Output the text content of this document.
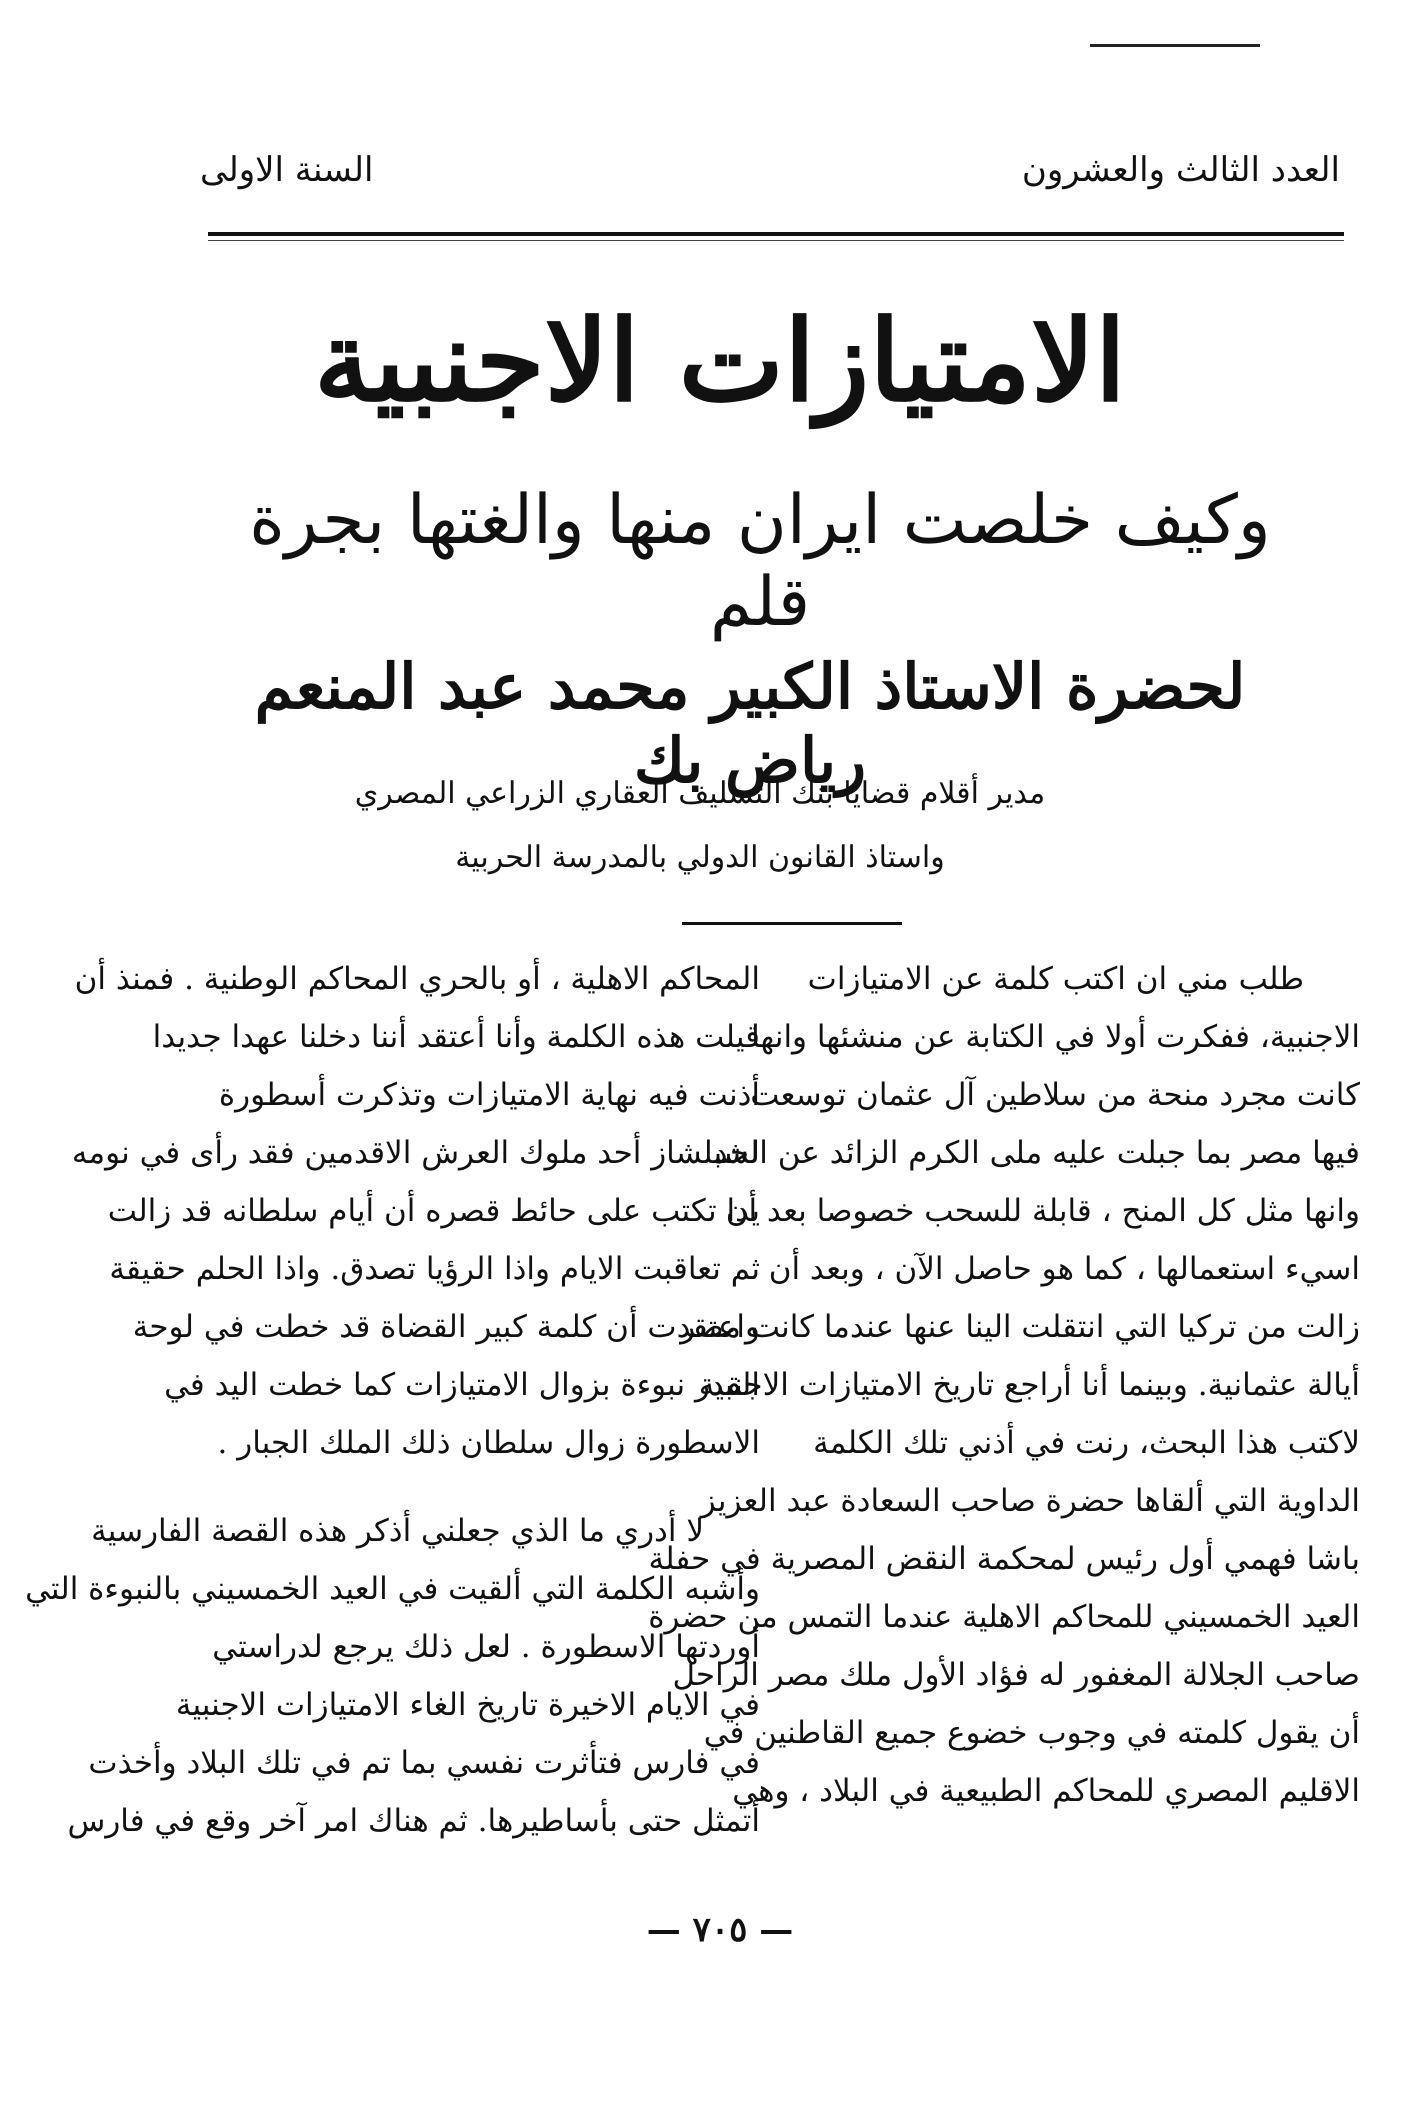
العدد الثالث والعشرون
السنة الاولى
الامتيازات الاجنبية
وكيف خلصت ايران منها والغتها بجرة قلم
لحضرة الاستاذ الكبير محمد عبد المنعم رياض بك
مدير أقلام قضايا بنك التسليف العقاري الزراعي المصري
واستاذ القانون الدولي بالمدرسة الحربية
طلب مني ان اكتب كلمة عن الامتيازات
الاجنبية، ففكرت أولا في الكتابة عن منشئها وانها
كانت مجرد منحة من سلاطين آل عثمان توسعت
فيها مصر بما جبلت عليه ملى الكرم الزائد عن الحد
وانها مثل كل المنح ، قابلة للسحب خصوصا بعد أن
اسيء استعمالها ، كما هو حاصل الآن ، وبعد أن
زالت من تركيا التي انتقلت الينا عنها عندما كانت مصر
أيالة عثمانية. وبينما أنا أراجع تاريخ الامتيازات الاجنبية
لاكتب هذا البحث، رنت في أذني تلك الكلمة
الداوية التي ألقاها حضرة صاحب السعادة عبد العزيز
باشا فهمي أول رئيس لمحكمة النقض المصرية في حفلة
العيد الخمسيني للمحاكم الاهلية عندما التمس من حضرة
صاحب الجلالة المغفور له فؤاد الأول ملك مصر الراحل
أن يقول كلمته في وجوب خضوع جميع القاطنين في
الاقليم المصري للمحاكم الطبيعية في البلاد ، وهي
المحاكم الاهلية ، أو بالحري المحاكم الوطنية . فمنذ أن
قيلت هذه الكلمة وأنا أعتقد أننا دخلنا عهدا جديدا
أذنت فيه نهاية الامتيازات وتذكرت أسطورة
لشبلشاز أحد ملوك العرش الاقدمين فقد رأى في نومه
يدا تكتب على حائط قصره أن أيام سلطانه قد زالت
ثم تعاقبت الايام واذا الرؤيا تصدق. واذا الحلم حقيقة
واعتقدت أن كلمة كبير القضاة قد خطت في لوحة
القدر نبوءة بزوال الامتيازات كما خطت اليد في
الاسطورة زوال سلطان ذلك الملك الجبار .
لا أدري ما الذي جعلني أذكر هذه القصة الفارسية
وأشبه الكلمة التي ألقيت في العيد الخمسيني بالنبوءة التي
أوردتها الاسطورة . لعل ذلك يرجع لدراستي
في الايام الاخيرة تاريخ الغاء الامتيازات الاجنبية
في فارس فتأثرت نفسي بما تم في تلك البلاد وأخذت
أتمثل حتى بأساطيرها. ثم هناك امر آخر وقع في فارس
— ٧٠٥ —
